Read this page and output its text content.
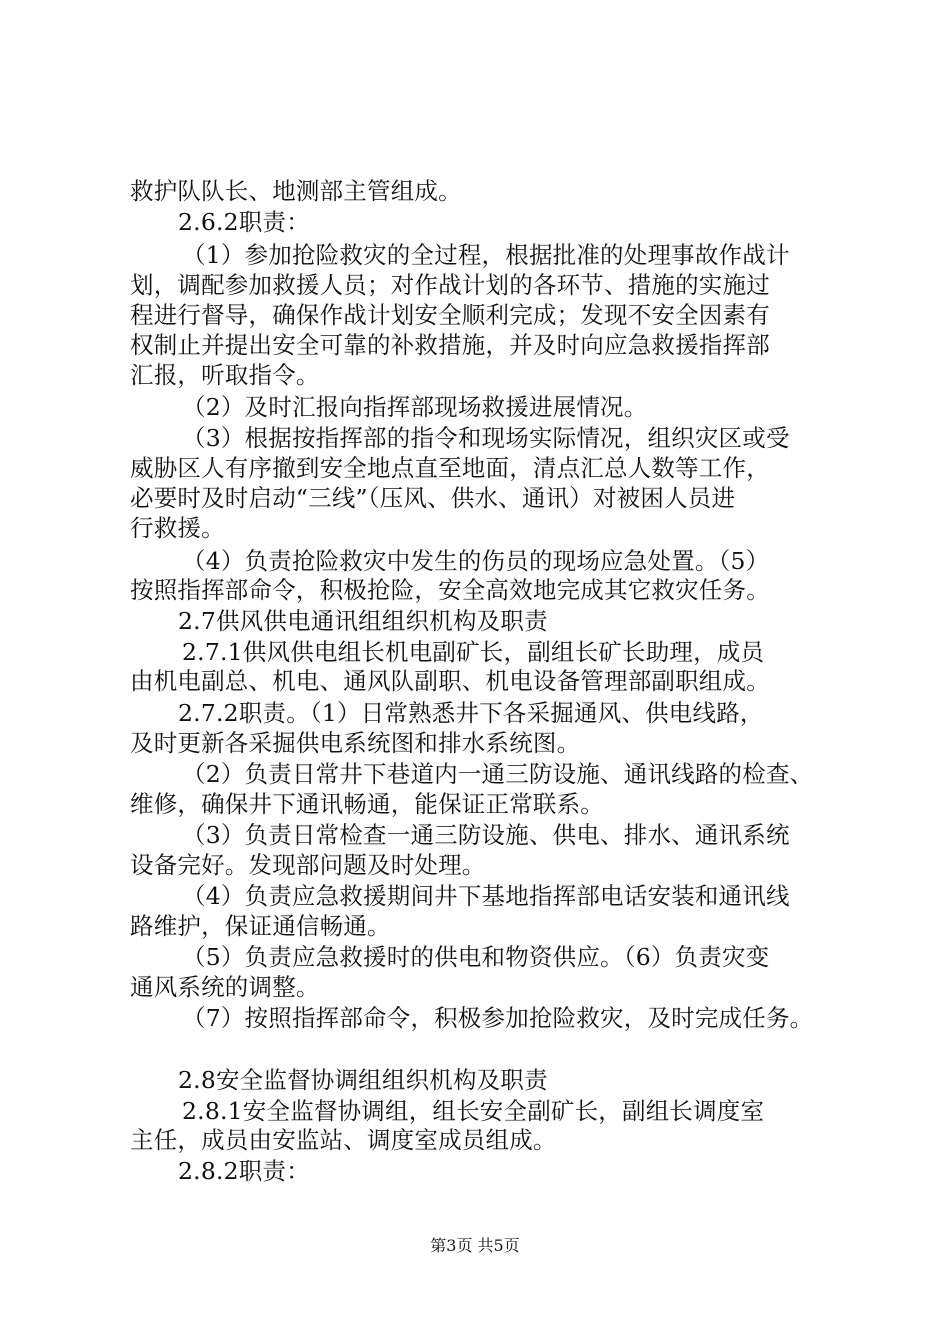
救护队队长、地测部主管组成。
2.6.2职责：
（1）参加抢险救灾的全过程，根据批准的处理事故作战计
划，调配参加救援人员；对作战计划的各环节、措施的实施过
程进行督导，确保作战计划安全顺利完成；发现不安全因素有
权制止并提出安全可靠的补救措施，并及时向应急救援指挥部
汇报，听取指令。
（2）及时汇报向指挥部现场救援进展情况。
（3）根据按指挥部的指令和现场实际情况，组织灾区或受
威胁区人有序撤到安全地点直至地面，清点汇总人数等工作，
必要时及时启动“三线”（压风、供水、通讯）对被困人员进
行救援。
（4）负责抢险救灾中发生的伤员的现场应急处置。（5）
按照指挥部命令，积极抢险，安全高效地完成其它救灾任务。
2.7供风供电通讯组组织机构及职责
2.7.1供风供电组长机电副矿长，副组长矿长助理，成员
由机电副总、机电、通风队副职、机电设备管理部副职组成。
2.7.2职责。（1）日常熟悉井下各采掘通风、供电线路，
及时更新各采掘供电系统图和排水系统图。
（2）负责日常井下巷道内一通三防设施、通讯线路的检查、
维修，确保井下通讯畅通，能保证正常联系。
（3）负责日常检查一通三防设施、供电、排水、通讯系统
设备完好。发现部问题及时处理。
（4）负责应急救援期间井下基地指挥部电话安装和通讯线
路维护，保证通信畅通。
（5）负责应急救援时的供电和物资供应。（6）负责灾变
通风系统的调整。
（7）按照指挥部命令，积极参加抢险救灾，及时完成任务。
2.8安全监督协调组组织机构及职责
2.8.1安全监督协调组，组长安全副矿长，副组长调度室
主任，成员由安监站、调度室成员组成。
2.8.2职责：
第3页 共5页
